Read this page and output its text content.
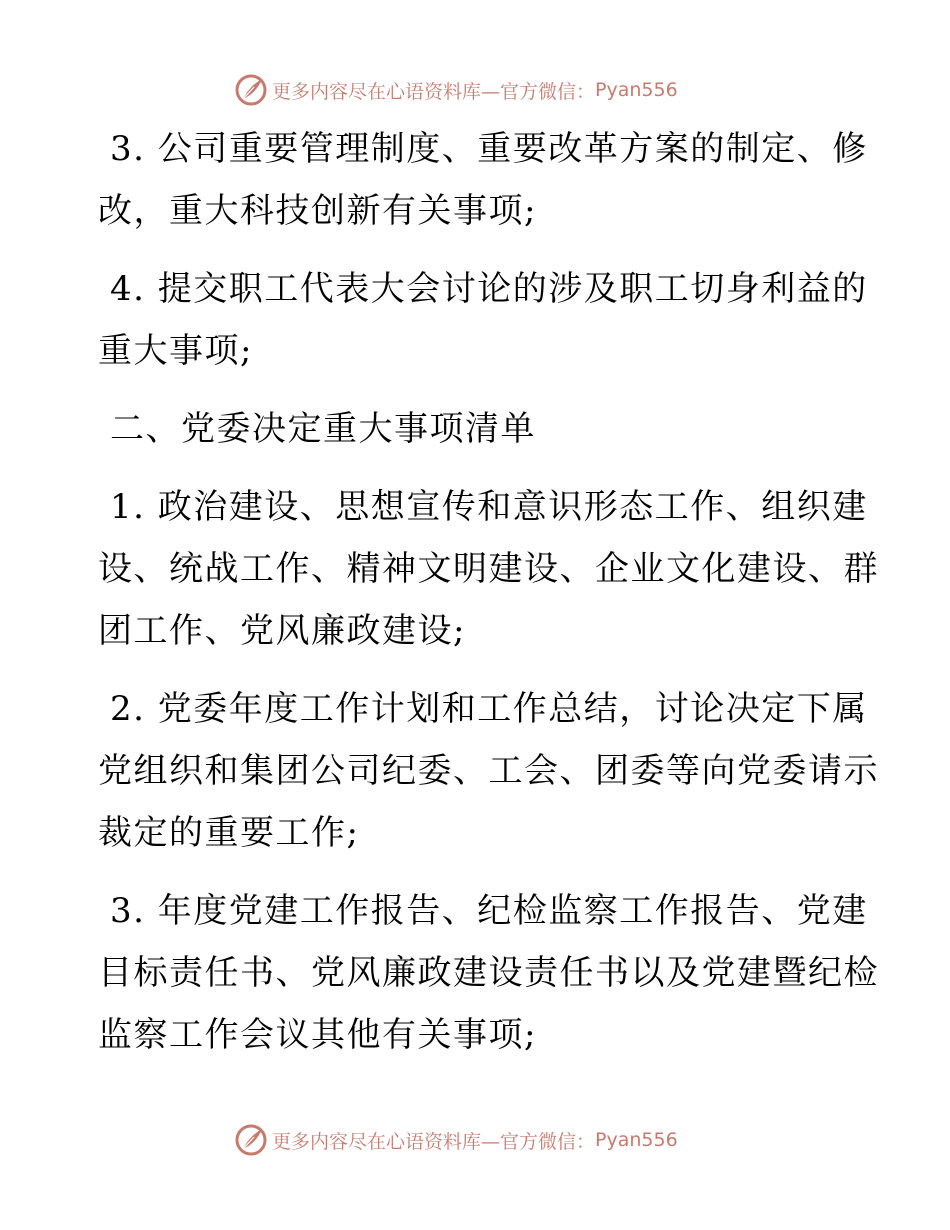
更多内容尽在心语资料库—官方微信： Pyan556

3. 公司重要管理制度、重要改革方案的制定、修
改，重大科技创新有关事项;

4. 提交职工代表大会讨论的涉及职工切身利益的
重大事项;

二、党委决定重大事项清单

1. 政治建设、思想宣传和意识形态工作、组织建
设、统战工作、精神文明建设、企业文化建设、群
团工作、党风廉政建设;

2. 党委年度工作计划和工作总结，讨论决定下属
党组织和集团公司纪委、工会、团委等向党委请示
裁定的重要工作;

3. 年度党建工作报告、纪检监察工作报告、党建
目标责任书、党风廉政建设责任书以及党建暨纪检
监察工作会议其他有关事项;

更多内容尽在心语资料库—官方微信： Pyan556
